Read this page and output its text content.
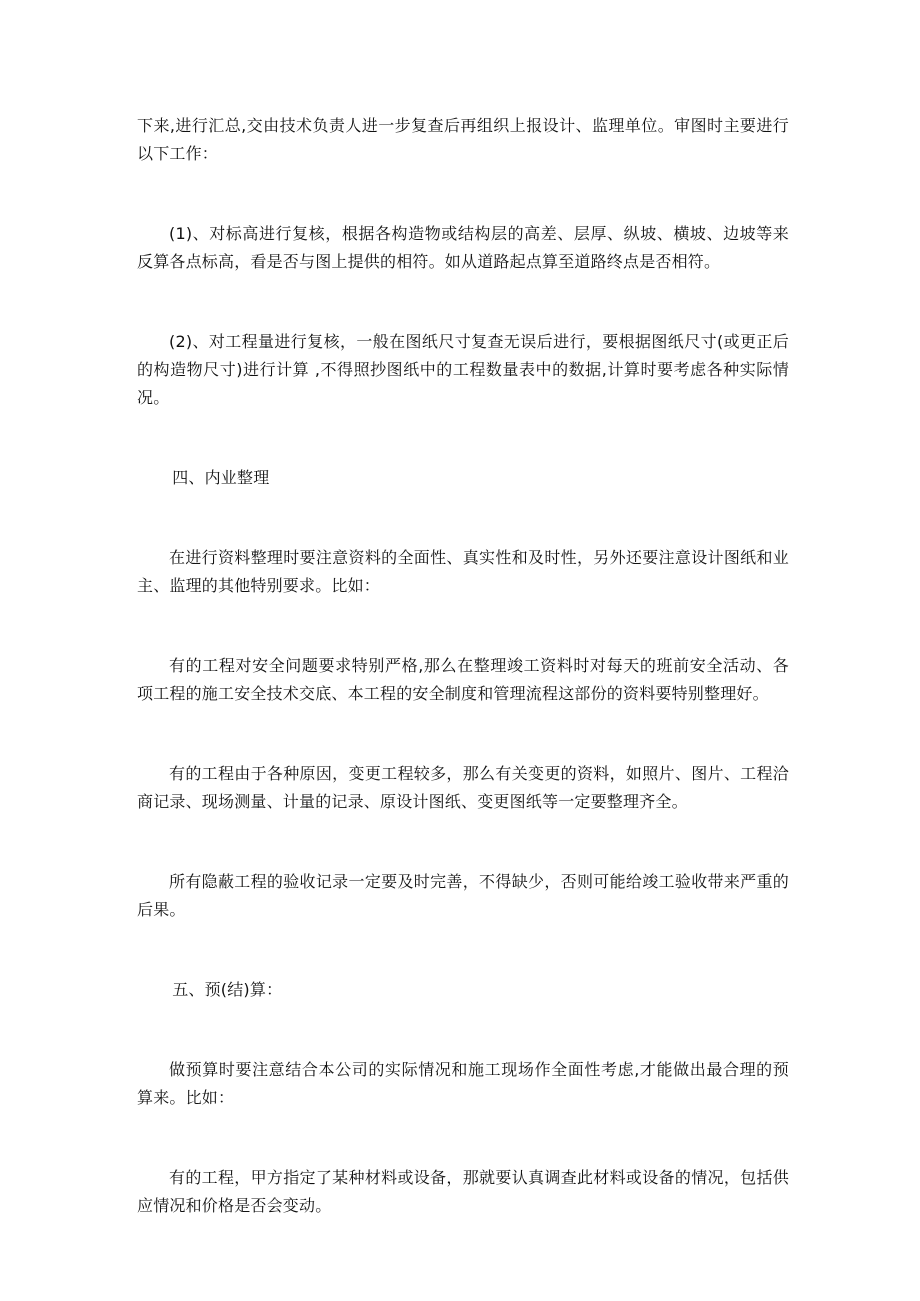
下来,进行汇总,交由技术负责人进一步复查后再组织上报设计、监理单位。审图时主要进行以下工作：

(1)、对标高进行复核，根据各构造物或结构层的高差、层厚、纵坡、横坡、边坡等来反算各点标高，看是否与图上提供的相符。如从道路起点算至道路终点是否相符。

(2)、对工程量进行复核，一般在图纸尺寸复查无误后进行，要根据图纸尺寸(或更正后的构造物尺寸)进行计算 ,不得照抄图纸中的工程数量表中的数据,计算时要考虑各种实际情况。

四、内业整理

在进行资料整理时要注意资料的全面性、真实性和及时性，另外还要注意设计图纸和业主、监理的其他特别要求。比如：

有的工程对安全问题要求特别严格,那么在整理竣工资料时对每天的班前安全活动、各项工程的施工安全技术交底、本工程的安全制度和管理流程这部份的资料要特别整理好。

有的工程由于各种原因，变更工程较多，那么有关变更的资料，如照片、图片、工程洽商记录、现场测量、计量的记录、原设计图纸、变更图纸等一定要整理齐全。

所有隐蔽工程的验收记录一定要及时完善，不得缺少，否则可能给竣工验收带来严重的后果。

五、预(结)算：

做预算时要注意结合本公司的实际情况和施工现场作全面性考虑,才能做出最合理的预算来。比如：

有的工程，甲方指定了某种材料或设备，那就要认真调查此材料或设备的情况，包括供应情况和价格是否会变动。
